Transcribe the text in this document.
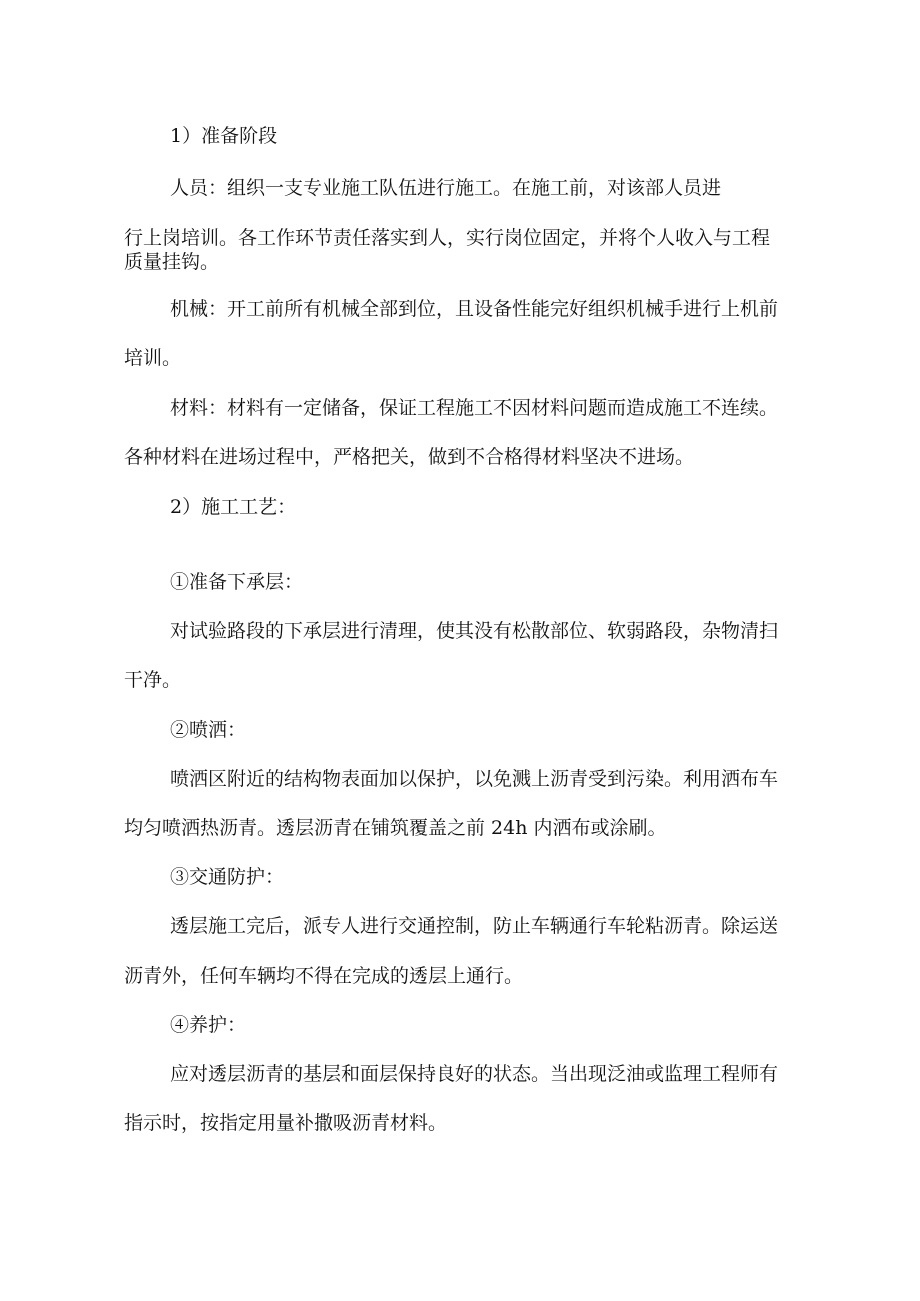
1）准备阶段
人员：组织一支专业施工队伍进行施工。在施工前，对该部人员进
行上岗培训。各工作环节责任落实到人，实行岗位固定，并将个人收入与工程
质量挂钩。
机械：开工前所有机械全部到位，且设备性能完好组织机械手进行上机前
培训。
材料：材料有一定储备，保证工程施工不因材料问题而造成施工不连续。
各种材料在进场过程中，严格把关，做到不合格得材料坚决不进场。
2）施工工艺：
①准备下承层：
对试验路段的下承层进行清理，使其没有松散部位、软弱路段，杂物清扫
干净。
②喷洒：
喷洒区附近的结构物表面加以保护，以免溅上沥青受到污染。利用洒布车
均匀喷洒热沥青。透层沥青在铺筑覆盖之前 24h 内洒布或涂刷。
③交通防护：
透层施工完后，派专人进行交通控制，防止车辆通行车轮粘沥青。除运送
沥青外，任何车辆均不得在完成的透层上通行。
④养护：
应对透层沥青的基层和面层保持良好的状态。当出现泛油或监理工程师有
指示时，按指定用量补撒吸沥青材料。
